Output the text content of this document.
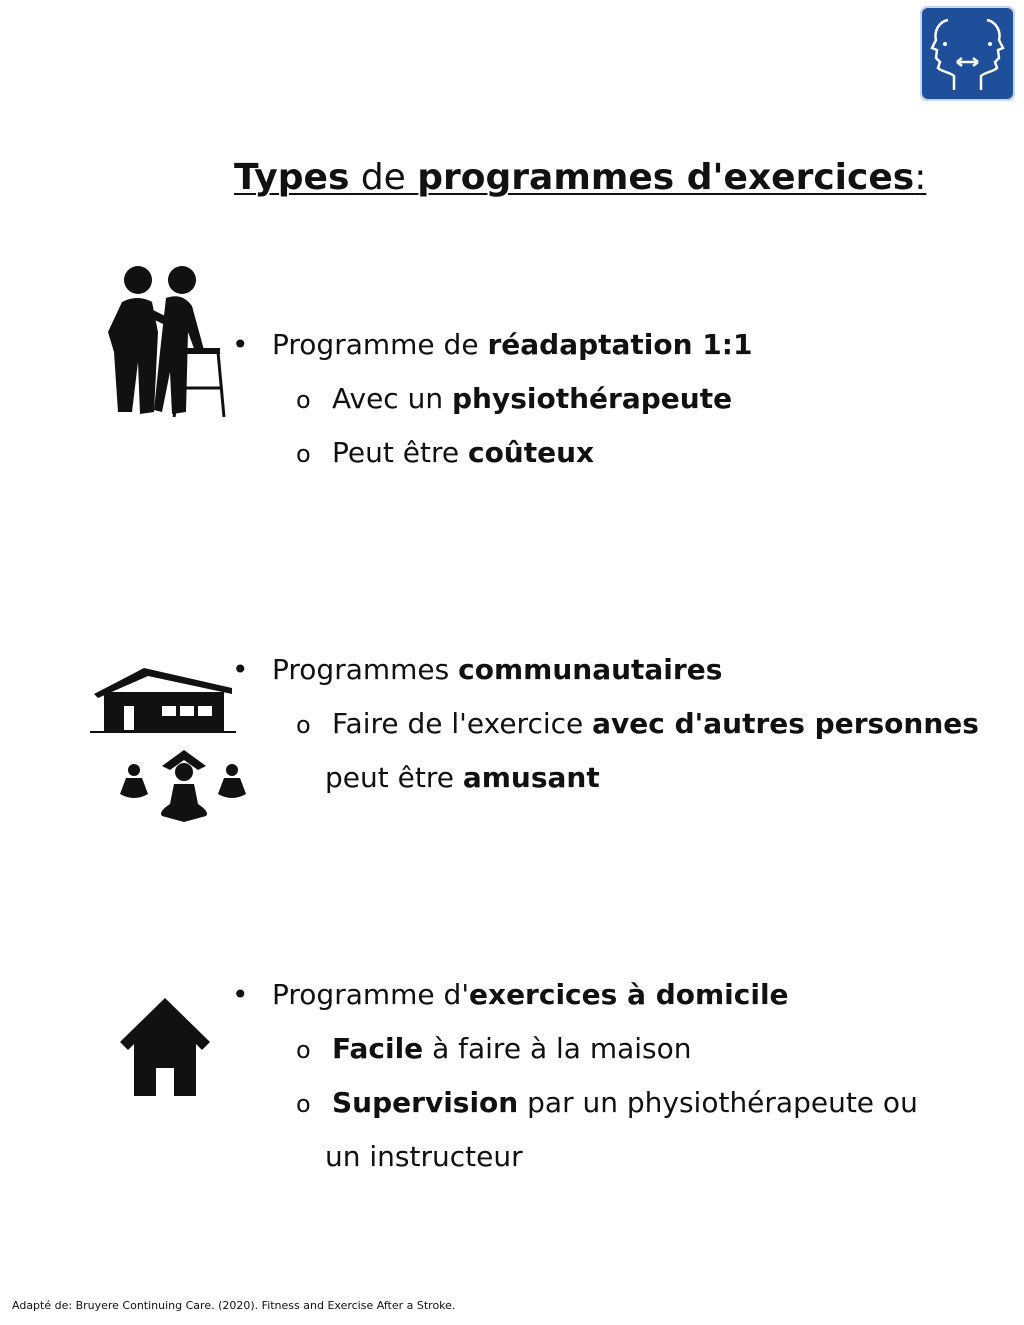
Types de programmes d'exercices:
• Programme de réadaptation 1:1
o Avec un physiothérapeute
o Peut être coûteux
• Programmes communautaires
o Faire de l'exercice avec d'autres personnes
peut être amusant
• Programme d'exercices à domicile
o Facile à faire à la maison
o Supervision par un physiothérapeute ou
un instructeur
Adapté de: Bruyere Continuing Care. (2020). Fitness and Exercise After a Stroke.
